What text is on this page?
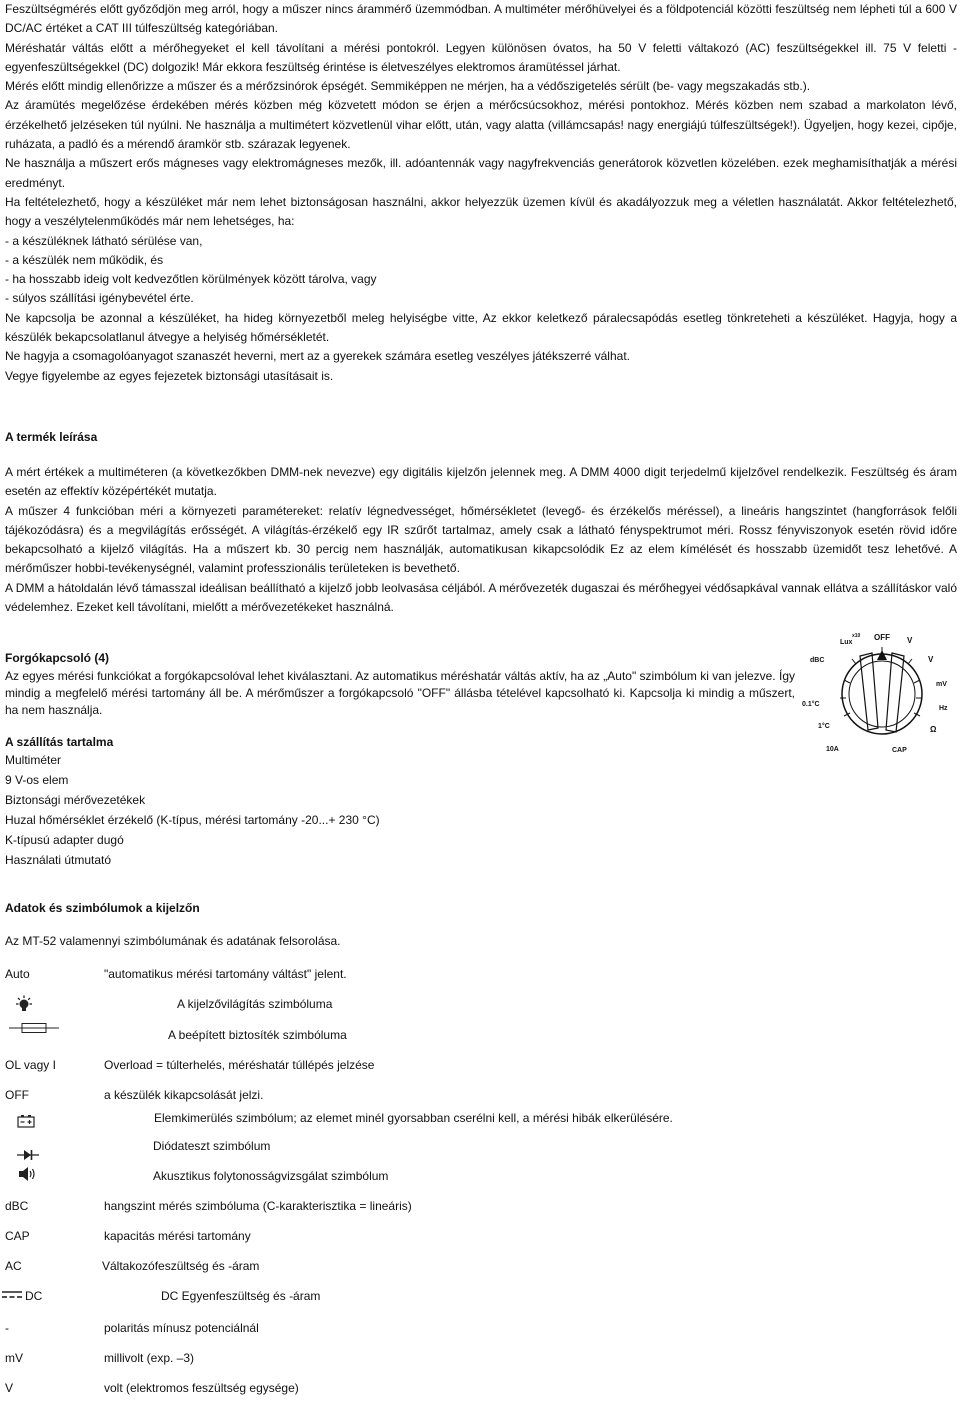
Feszültségmérés előtt győződjön meg arról, hogy a műszer nincs árammérő üzemmódban. A multiméter mérőhüvelyei és a földpotenciál közötti feszültség nem lépheti túl a 600 V DC/AC értéket a CAT III túlfeszültség kategóriában.

Méréshatár váltás előtt a mérőhegyeket el kell távolítani a mérési pontokról. Legyen különösen óvatos, ha 50 V feletti váltakozó (AC) feszültségekkel ill. 75 V feletti - egyenfeszültségekkel (DC) dolgozik! Már ekkora feszültség érintése is életveszélyes elektromos áramütéssel járhat.

Mérés előtt mindig ellenőrizze a műszer és a mérőzsinórok épségét. Semmiképpen ne mérjen, ha a védőszigetelés sérült (be- vagy megszakadás stb.).

Az áramütés megelőzése érdekében mérés közben még közvetett módon se érjen a mérőcsúcsokhoz, mérési pontokhoz. Mérés közben nem szabad a markolaton lévő, érzékelhető jelzéseken túl nyúlni. Ne használja a multimétert közvetlenül vihar előtt, után, vagy alatta (villámcsapás! nagy energiájú túlfeszültségek!). Ügyeljen, hogy kezei, cipője, ruházata, a padló és a mérendő áramkör stb. szárazak legyenek.

Ne használja a műszert erős mágneses vagy elektromágneses mezők, ill. adóantennák vagy nagyfrekvenciás generátorok közvetlen közelében. ezek meghamisíthatják a mérési eredményt.

Ha feltételezhető, hogy a készüléket már nem lehet biztonságosan használni, akkor helyezzük üzemen kívül és akadályozzuk meg a véletlen használatát. Akkor feltételezhető, hogy a veszélytelenműködés már nem lehetséges, ha:

- a készüléknek látható sérülése van,

- a készülék nem működik, és

- ha hosszabb ideig volt kedvezőtlen körülmények között tárolva, vagy

- súlyos szállítási igénybevétel érte.

Ne kapcsolja be azonnal a készüléket, ha hideg környezetből meleg helyiségbe vitte, Az ekkor keletkező páralecsapódás esetleg tönkreteheti a készüléket. Hagyja, hogy a készülék bekapcsolatlanul átvegye a helyiség hőmérsékletét.

Ne hagyja a csomagolóanyagot szanaszét heverni, mert az a gyerekek számára esetleg veszélyes játékszerré válhat.

Vegye figyelembe az egyes fejezetek biztonsági utasításait is.

A termék leírása

A mért értékek a multiméteren (a következőkben DMM-nek nevezve) egy digitális kijelzőn jelennek meg. A DMM 4000 digit terjedelmű kijelzővel rendelkezik. Feszültség és áram esetén az effektív középértékét mutatja.

A műszer 4 funkcióban méri a környezeti paramétereket: relatív légnedvességet, hőmérsékletet (levegő- és érzékelős méréssel), a lineáris hangszintet (hangforrások felőli tájékozódásra) és a megvilágítás erősségét. A világítás-érzékelő egy IR szűrőt tartalmaz, amely csak a látható fényspektrumot méri. Rossz fényviszonyok esetén rövid időre bekapcsolható a kijelző világítás. Ha a műszert kb. 30 percig nem használják, automatikusan kikapcsolódik Ez az elem kímélését és hosszabb üzemidőt tesz lehetővé. A mérőműszer hobbi-tevékenységnél, valamint professzionális területeken is bevethető.

A DMM a hátoldalán lévő támasszal ideálisan beállítható a kijelző jobb leolvasása céljából. A mérővezeték dugaszai és mérőhegyei védősapkával vannak ellátva a szállításkor való védelemhez. Ezeket kell távolítani, mielőtt a mérővezetékeket használná.

Forgókapcsoló (4)
Az egyes mérési funkciókat a forgókapcsolóval lehet kiválasztani. Az automatikus méréshatár váltás aktív, ha az „Auto" szimbólum ki van jelezve. Így mindig a megfelelő mérési tartomány áll be. A mérőműszer a forgókapcsoló "OFF" állásba tételével kapcsolható ki. Kapcsolja ki mindig a műszert, ha nem használja.
A szállítás tartalma
Multiméter
9 V-os elem
Biztonsági mérővezetékek
Huzal hőmérséklet érzékelő (K-típus, mérési tartomány -20...+ 230 °C)
K-típusú adapter dugó
Használati útmutató
Adatok és szimbólumok a kijelzőn
Az MT-52 valamennyi szimbólumának és adatának felsorolása.
Auto	"automatikus mérési tartomány váltást" jelent.
A kijelzővilágítás szimbóluma
A beépített biztosíték szimbóluma
OL vagy I	Overload = túlterhelés, méréshatár túllépés jelzése
OFF	a készülék kikapcsolását jelzi.
Elemkimerülés szimbólum; az elemet minél gyorsabban cserélni kell, a mérési hibák elkerülésére.
Diódateszt szimbólum
Akusztikus folytonosságvizsgálat szimbólum
dBC	hangszint mérés szimbóluma (C-karakterisztika = lineáris)
CAP	kapacitás mérési tartomány
AC	Váltakozófeszültség és -áram
DC	DC Egyenfeszültség és -áram
-	polaritás mínusz potenciálnál
mV	millivolt (exp. –3)
V	volt (elektromos feszültség egysége)
OFF
Lux
x10
dBC
V
V
mV
Hz
Ω
CAP
0.1°C
1°C
10A
